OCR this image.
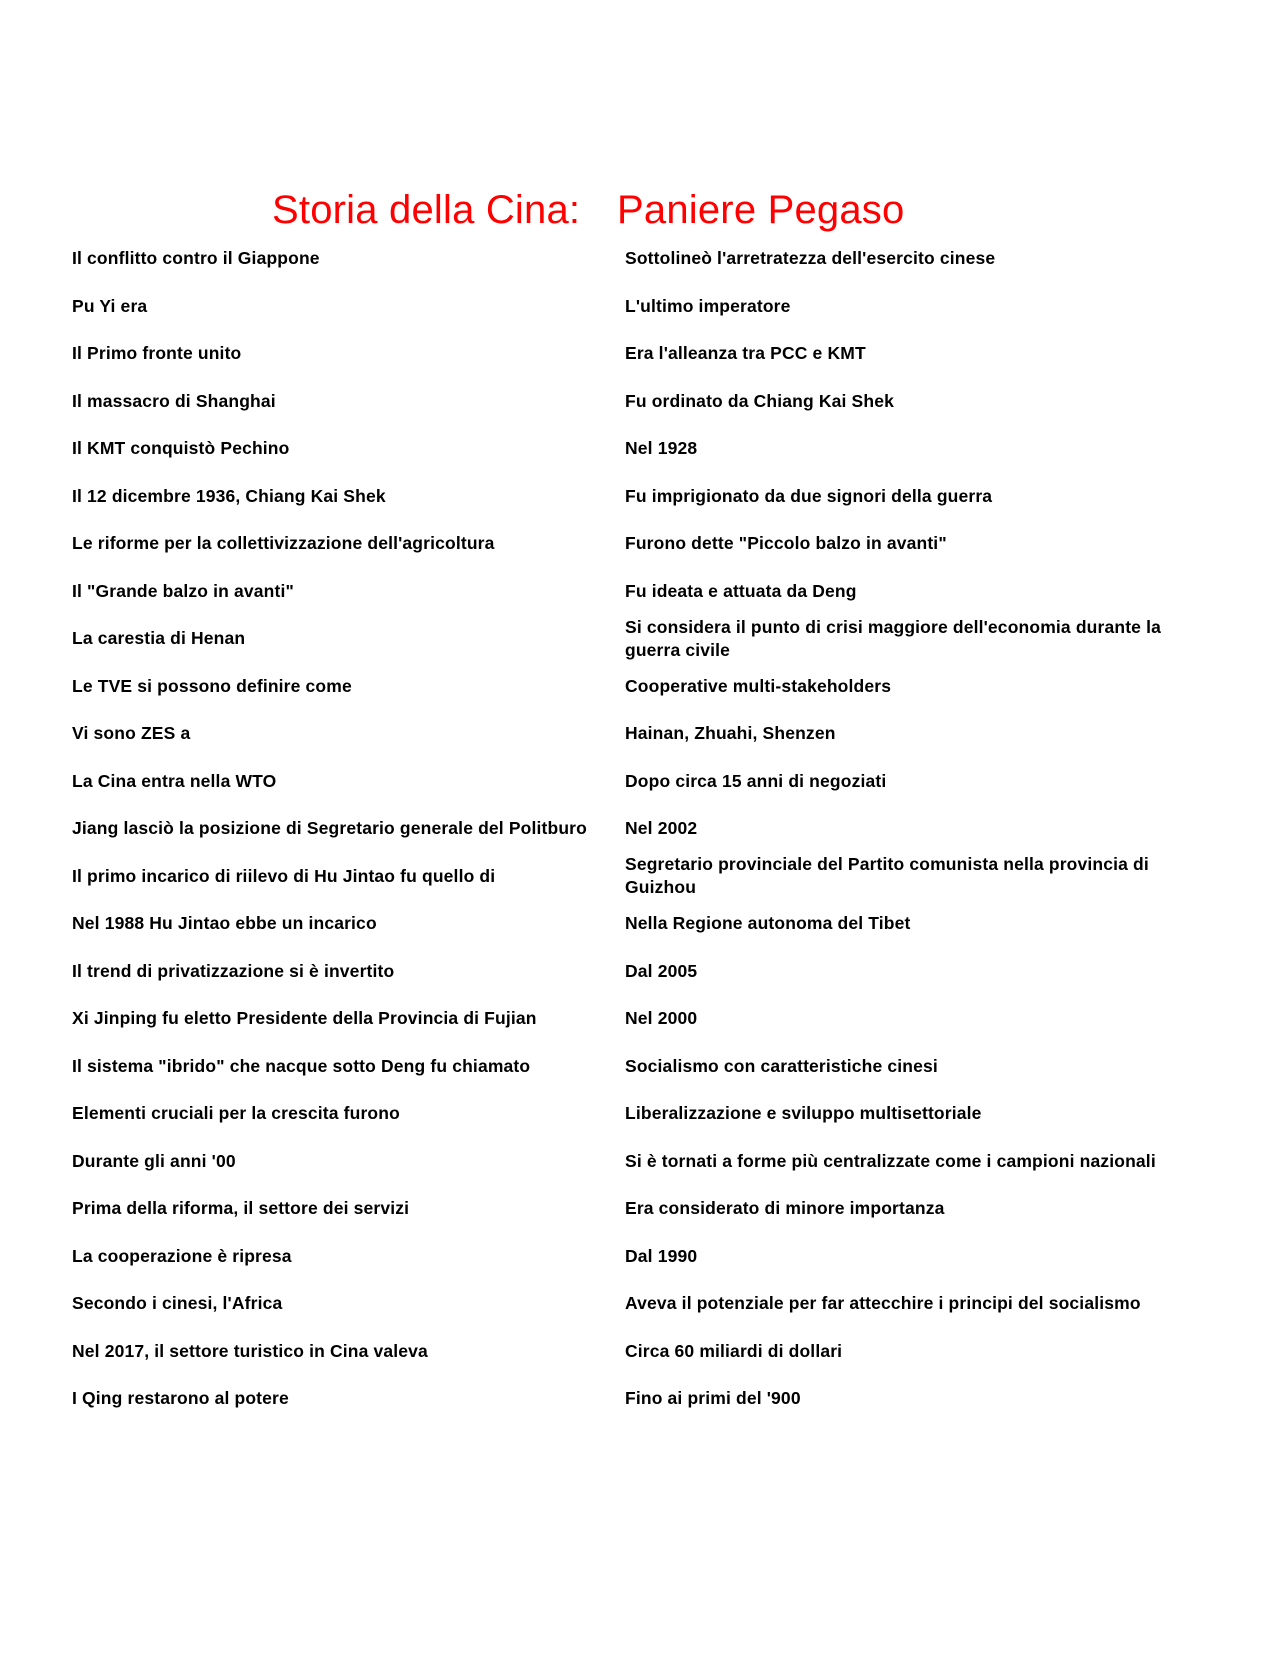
Storia della Cina: Paniere Pegaso
Il conflitto contro il Giappone	Sottolineò l'arretratezza dell'esercito cinese
Pu Yi era	L'ultimo imperatore
Il Primo fronte unito	Era l'alleanza tra PCC e KMT
Il massacro di Shanghai	Fu ordinato da Chiang Kai Shek
Il KMT conquistò Pechino	Nel 1928
Il 12 dicembre 1936, Chiang Kai Shek	Fu imprigionato da due signori della guerra
Le riforme per la collettivizzazione dell'agricoltura	Furono dette "Piccolo balzo in avanti"
Il "Grande balzo in avanti"	Fu ideata e attuata da Deng
La carestia di Henan	Si considera il punto di crisi maggiore dell'economia durante la guerra civile
Le TVE si possono definire come	Cooperative multi-stakeholders
Vi sono ZES a	Hainan, Zhuahi, Shenzen
La Cina entra nella WTO	Dopo circa 15 anni di negoziati
Jiang lasciò la posizione di Segretario generale del Politburo	Nel 2002
Il primo incarico di riilevo di Hu Jintao fu quello di	Segretario provinciale del Partito comunista nella provincia di Guizhou
Nel 1988 Hu Jintao ebbe un incarico	Nella Regione autonoma del Tibet
Il trend di privatizzazione si è invertito	Dal 2005
Xi Jinping fu eletto Presidente della Provincia di Fujian	Nel 2000
Il sistema "ibrido" che nacque sotto Deng fu chiamato	Socialismo con caratteristiche cinesi
Elementi cruciali per la crescita furono	Liberalizzazione e sviluppo multisettoriale
Durante gli anni '00	Si è tornati a forme più centralizzate come i campioni nazionali
Prima della riforma, il settore dei servizi	Era considerato di minore importanza
La cooperazione è ripresa	Dal 1990
Secondo i cinesi, l'Africa	Aveva il potenziale per far attecchire i principi del socialismo
Nel 2017, il settore turistico in Cina valeva	Circa 60 miliardi di dollari
I Qing restarono al potere	Fino ai primi del '900
